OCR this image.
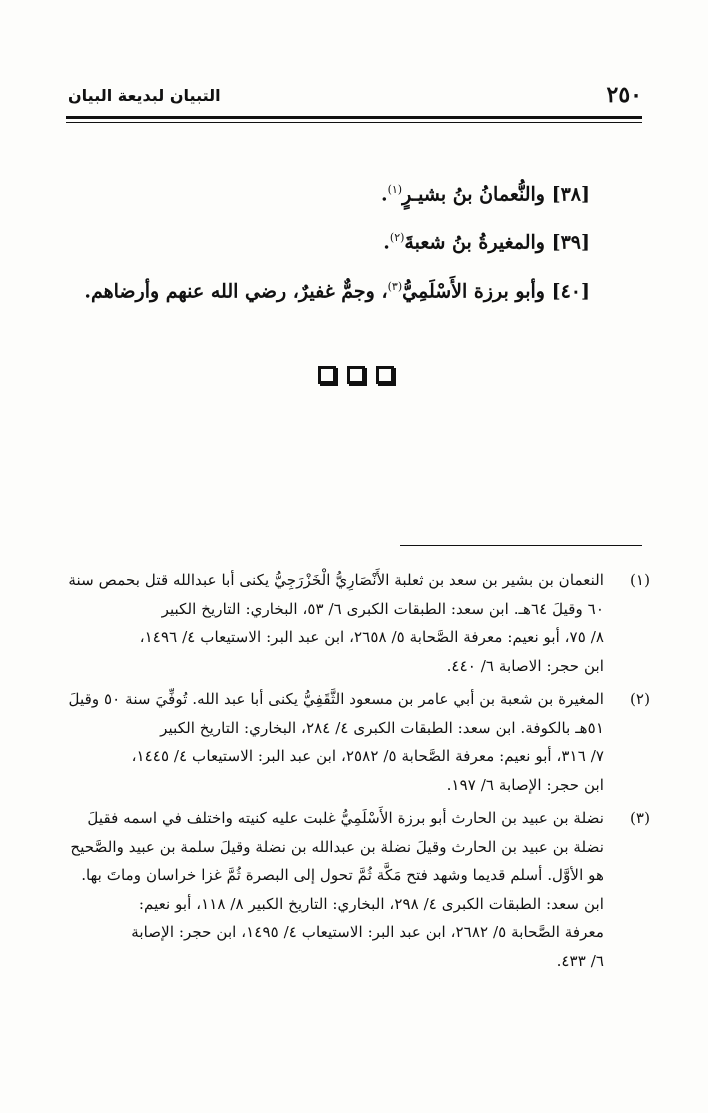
٢٥٠
التبيان لبديعة البيان
[٣٨] والنُّعمانُ بنُ بشيـرٍ$^{(١)}$.
[٣٩] والمغيرةُ بنُ شعبةَ$^{(٢)}$.
[٤٠] وأبو برزة الأَسْلَمِيُّ$^{(٣)}$، وجمٌّ غفيرٌ، رضي الله عنهم وأرضاهم.
(١)
النعمان بن بشير بن سعد بن ثعلبة الأَنْصَارِيُّ الْخَزْرَجِيُّ يكنى أبا عبدالله قتل بحمص سنة
٦٠ وقيلَ ٦٤هـ. ابن سعد: الطبقات الكبرى ٦/ ٥٣، البخاري: التاريخ الكبير
٨/ ٧٥، أبو نعيم: معرفة الصَّحابة ٥/ ٢٦٥٨، ابن عبد البر: الاستيعاب ٤/ ١٤٩٦،
ابن حجر: الاصابة ٦/ ٤٤٠.
(٢)
المغيرة بن شعبة بن أبي عامر بن مسعود الثَّقَفِيُّ يكنى أبا عبد الله. تُوفِّيَ سنة ٥٠ وقيلَ
٥١هـ بالكوفة. ابن سعد: الطبقات الكبرى ٤/ ٢٨٤، البخاري: التاريخ الكبير
٧/ ٣١٦، أبو نعيم: معرفة الصَّحابة ٥/ ٢٥٨٢، ابن عبد البر: الاستيعاب ٤/ ١٤٤٥،
ابن حجر: الإصابة ٦/ ١٩٧.
(٣)
نضلة بن عبيد بن الحارث أبو برزة الأَسْلَمِيُّ غلبت عليه كنيته واختلف في اسمه فقيلَ
نضلة بن عبيد بن الحارث وقيلَ نضلة بن عبدالله بن نضلة وقيلَ سلمة بن عبيد والصَّحيح
هو الأوَّل. أسلم قديما وشهد فتح مَكَّة ثُمَّ تحول إلى البصرة ثُمَّ غزا خراسان وماتَ بها.
ابن سعد: الطبقات الكبرى ٤/ ٢٩٨، البخاري: التاريخ الكبير ٨/ ١١٨، أبو نعيم:
معرفة الصَّحابة ٥/ ٢٦٨٢، ابن عبد البر: الاستيعاب ٤/ ١٤٩٥، ابن حجر: الإصابة
٦/ ٤٣٣.
